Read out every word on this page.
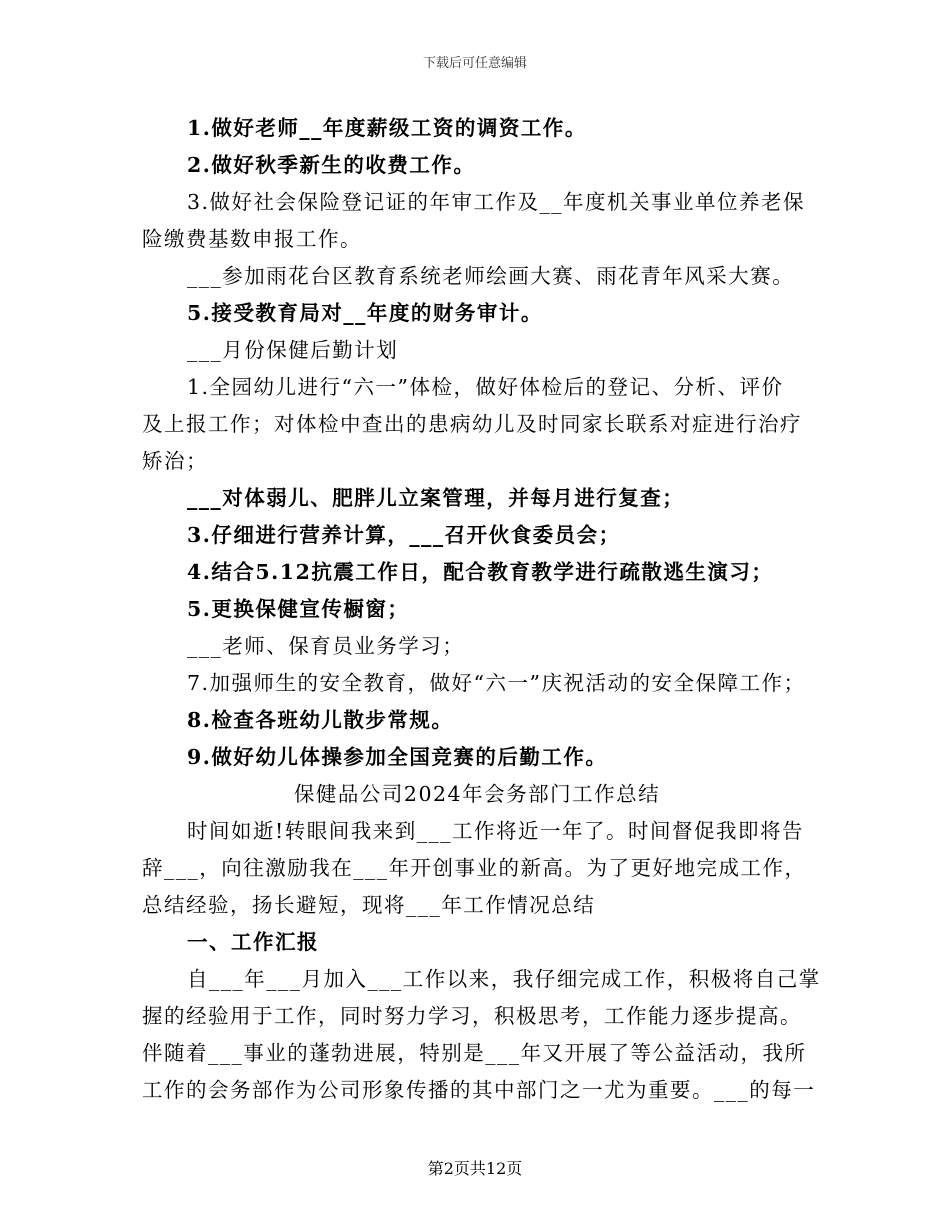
下载后可任意编辑
1.做好老师__年度薪级工资的调资工作。
2.做好秋季新生的收费工作。
3.做好社会保险登记证的年审工作及__年度机关事业单位养老保
险缴费基数申报工作。
___参加雨花台区教育系统老师绘画大赛、雨花青年风采大赛。
5.接受教育局对__年度的财务审计。
___月份保健后勤计划
1.全园幼儿进行“六一”体检，做好体检后的登记、分析、评价
及上报工作；对体检中查出的患病幼儿及时同家长联系对症进行治疗
矫治；
___对体弱儿、肥胖儿立案管理，并每月进行复查；
3.仔细进行营养计算，___召开伙食委员会；
4.结合5.12抗震工作日，配合教育教学进行疏散逃生演习；
5.更换保健宣传橱窗；
___老师、保育员业务学习；
7.加强师生的安全教育，做好“六一”庆祝活动的安全保障工作；
8.检查各班幼儿散步常规。
9.做好幼儿体操参加全国竞赛的后勤工作。
保健品公司2024年会务部门工作总结
时间如逝!转眼间我来到___工作将近一年了。时间督促我即将告
辞___，向往激励我在___年开创事业的新高。为了更好地完成工作，
总结经验，扬长避短，现将___年工作情况总结
一、工作汇报
自___年___月加入___工作以来，我仔细完成工作，积极将自己掌
握的经验用于工作，同时努力学习，积极思考，工作能力逐步提高。
伴随着___事业的蓬勃进展，特别是___年又开展了等公益活动，我所
工作的会务部作为公司形象传播的其中部门之一尤为重要。___的每一
第2页共12页
